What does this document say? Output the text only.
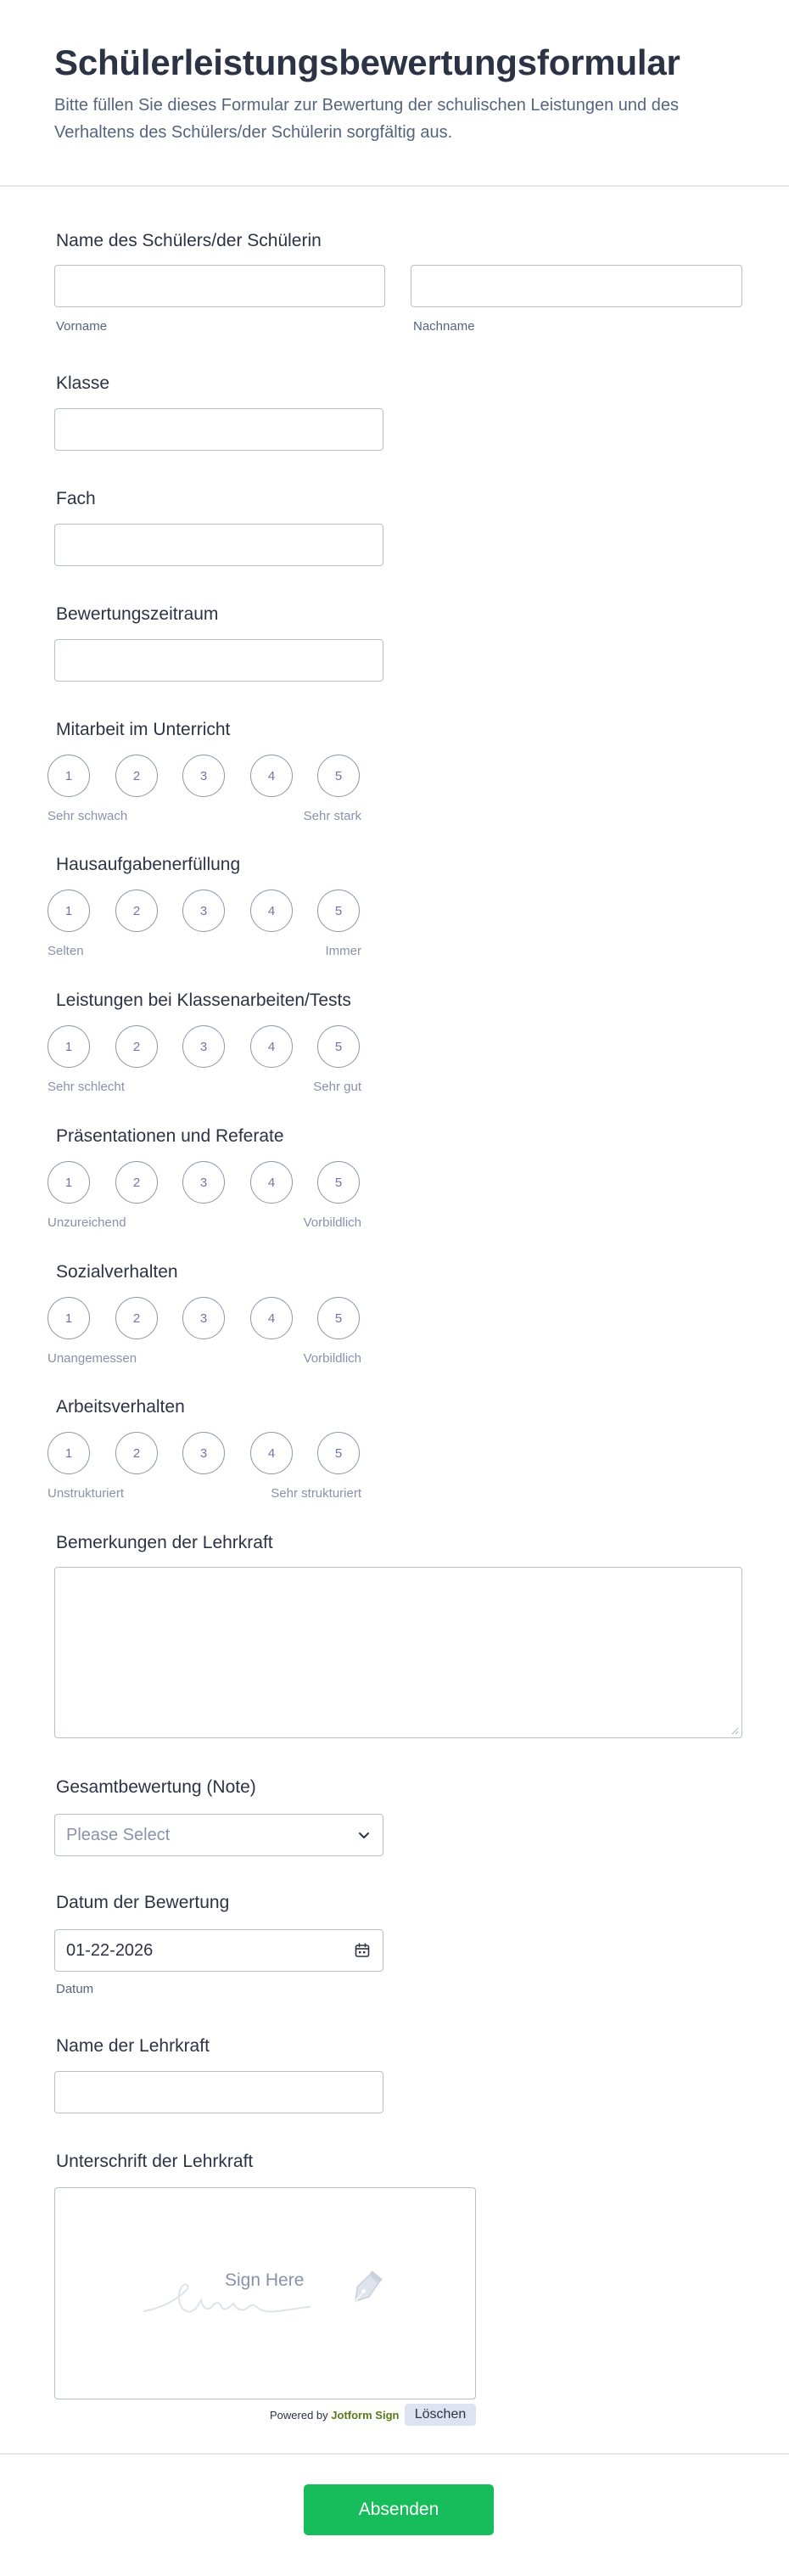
Schülerleistungsbewertungsformular

Bitte füllen Sie dieses Formular zur Bewertung der schulischen Leistungen und des Verhaltens des Schülers/der Schülerin sorgfältig aus.

Name des Schülers/der Schülerin
Vorname	Nachname
Klasse
Fach
Bewertungszeitraum
Mitarbeit im Unterricht
1	2	3	4	5
Sehr schwach	Sehr stark
Hausaufgabenerfüllung
1	2	3	4	5
Selten	Immer
Leistungen bei Klassenarbeiten/Tests
1	2	3	4	5
Sehr schlecht	Sehr gut
Präsentationen und Referate
1	2	3	4	5
Unzureichend	Vorbildlich
Sozialverhalten
1	2	3	4	5
Unangemessen	Vorbildlich
Arbeitsverhalten
1	2	3	4	5
Unstrukturiert	Sehr strukturiert
Bemerkungen der Lehrkraft
Gesamtbewertung (Note)
Please Select
Datum der Bewertung
01-22-2026
Datum
Name der Lehrkraft
Unterschrift der Lehrkraft
Sign Here
Powered by Jotform Sign	Löschen
Absenden
